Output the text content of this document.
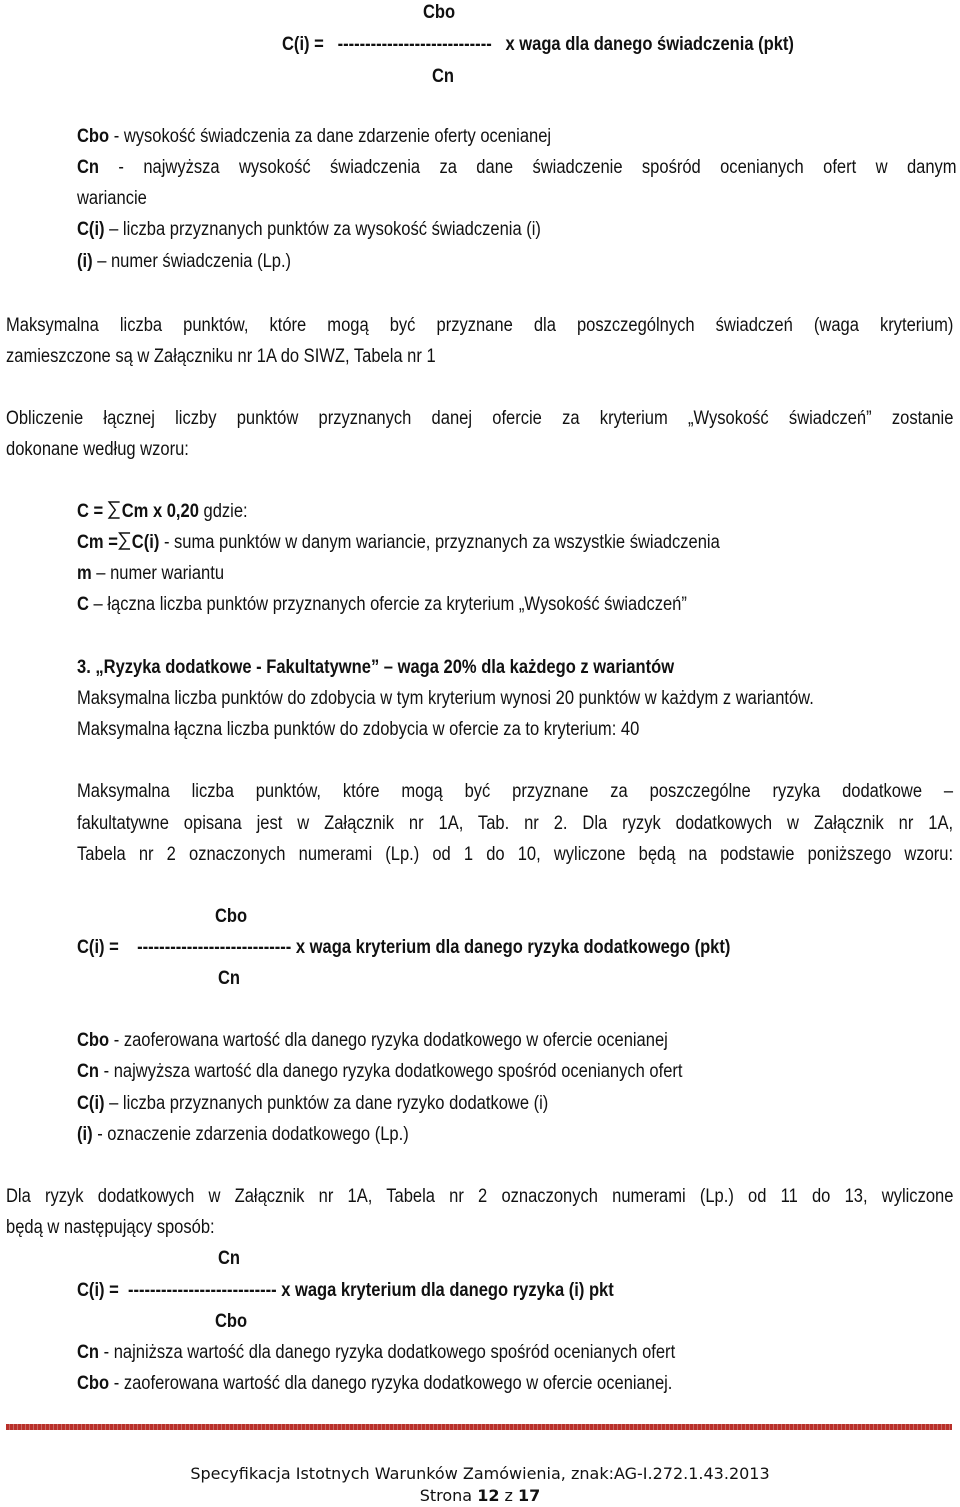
Cbo
C(i) = ---------------------------- x waga dla danego świadczenia (pkt)
Cn
Cbo - wysokość świadczenia za dane zdarzenie oferty ocenianej
Cn - najwyższa wysokość świadczenia za dane świadczenie spośród ocenianych ofert w danym
wariancie
C(i) – liczba przyznanych punktów za wysokość świadczenia (i)
(i) – numer świadczenia (Lp.)
Maksymalna liczba punktów, które mogą być przyznane dla poszczególnych świadczeń (waga kryterium)
zamieszczone są w Załączniku nr 1A do SIWZ, Tabela nr 1
Obliczenie łącznej liczby punktów przyznanych danej ofercie za kryterium „Wysokość świadczeń” zostanie
dokonane według wzoru:
C = Cm x 0,20 gdzie:
Cm = C(i) - suma punktów w danym wariancie, przyznanych za wszystkie świadczenia
m – numer wariantu
C – łączna liczba punktów przyznanych ofercie za kryterium „Wysokość świadczeń”
3. „Ryzyka dodatkowe - Fakultatywne” – waga 20% dla każdego z wariantów
Maksymalna liczba punktów do zdobycia w tym kryterium wynosi 20 punktów w każdym z wariantów.
Maksymalna łączna liczba punktów do zdobycia w ofercie za to kryterium: 40
Maksymalna liczba punktów, które mogą być przyznane za poszczególne ryzyka dodatkowe –
fakultatywne opisana jest w Załącznik nr 1A, Tab. nr 2. Dla ryzyk dodatkowych w Załącznik nr 1A,
Tabela nr 2 oznaczonych numerami (Lp.) od 1 do 10, wyliczone będą na podstawie poniższego wzoru:
Cbo
C(i) = ---------------------------- x waga kryterium dla danego ryzyka dodatkowego (pkt)
Cn
Cbo - zaoferowana wartość dla danego ryzyka dodatkowego w ofercie ocenianej
Cn - najwyższa wartość dla danego ryzyka dodatkowego spośród ocenianych ofert
C(i) – liczba przyznanych punktów za dane ryzyko dodatkowe (i)
(i) - oznaczenie zdarzenia dodatkowego (Lp.)
Dla ryzyk dodatkowych w Załącznik nr 1A, Tabela nr 2 oznaczonych numerami (Lp.) od 11 do 13, wyliczone
będą w następujący sposób:
Cn
C(i) = --------------------------- x waga kryterium dla danego ryzyka (i) pkt
Cbo
Cn - najniższa wartość dla danego ryzyka dodatkowego spośród ocenianych ofert
Cbo - zaoferowana wartość dla danego ryzyka dodatkowego w ofercie ocenianej.
Specyfikacja Istotnych Warunków Zamówienia, znak:AG-I.272.1.43.2013
Strona 12 z 17
